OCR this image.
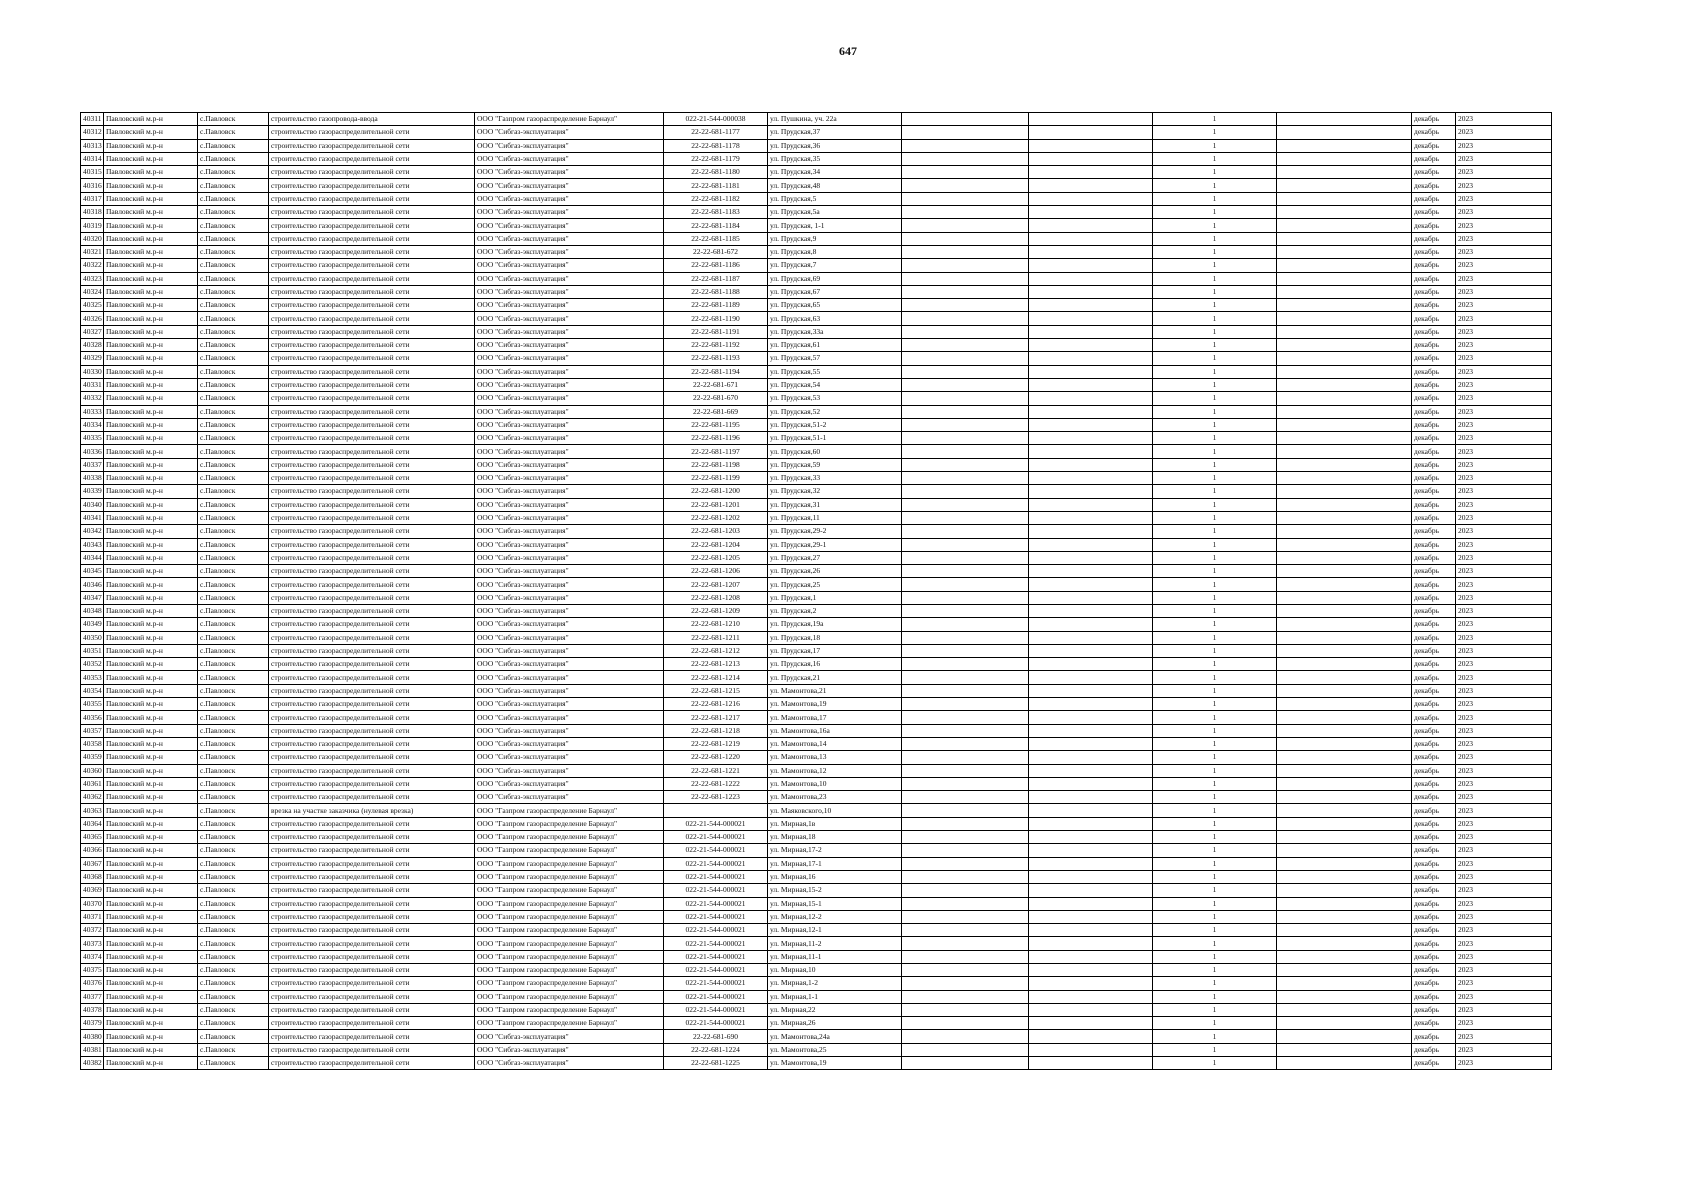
647
40311	Павловский м.р-н	с.Павловск	строительство газопровода-ввода	ООО "Газпром газораспределение Барнаул"	022-21-544-000038	ул. Пушкина, уч. 22а			1		декабрь	2023
40312	Павловский м.р-н	с.Павловск	строительство газораспределительной сети	ООО "Сибгаз-эксплуатация"	22-22-681-1177	ул. Прудская,37			1		декабрь	2023
40313	Павловский м.р-н	с.Павловск	строительство газораспределительной сети	ООО "Сибгаз-эксплуатация"	22-22-681-1178	ул. Прудская,36			1		декабрь	2023
40314	Павловский м.р-н	с.Павловск	строительство газораспределительной сети	ООО "Сибгаз-эксплуатация"	22-22-681-1179	ул. Прудская,35			1		декабрь	2023
40315	Павловский м.р-н	с.Павловск	строительство газораспределительной сети	ООО "Сибгаз-эксплуатация"	22-22-681-1180	ул. Прудская,34			1		декабрь	2023
40316	Павловский м.р-н	с.Павловск	строительство газораспределительной сети	ООО "Сибгаз-эксплуатация"	22-22-681-1181	ул. Прудская,48			1		декабрь	2023
40317	Павловский м.р-н	с.Павловск	строительство газораспределительной сети	ООО "Сибгаз-эксплуатация"	22-22-681-1182	ул. Прудская,5			1		декабрь	2023
40318	Павловский м.р-н	с.Павловск	строительство газораспределительной сети	ООО "Сибгаз-эксплуатация"	22-22-681-1183	ул. Прудская,5а			1		декабрь	2023
40319	Павловский м.р-н	с.Павловск	строительство газораспределительной сети	ООО "Сибгаз-эксплуатация"	22-22-681-1184	ул. Прудская, 1-1			1		декабрь	2023
40320	Павловский м.р-н	с.Павловск	строительство газораспределительной сети	ООО "Сибгаз-эксплуатация"	22-22-681-1185	ул. Прудская,9			1		декабрь	2023
40321	Павловский м.р-н	с.Павловск	строительство газораспределительной сети	ООО "Сибгаз-эксплуатация"	22-22-681-672	ул. Прудская,8			1		декабрь	2023
40322	Павловский м.р-н	с.Павловск	строительство газораспределительной сети	ООО "Сибгаз-эксплуатация"	22-22-681-1186	ул. Прудская,7			1		декабрь	2023
40323	Павловский м.р-н	с.Павловск	строительство газораспределительной сети	ООО "Сибгаз-эксплуатация"	22-22-681-1187	ул. Прудская,69			1		декабрь	2023
40324	Павловский м.р-н	с.Павловск	строительство газораспределительной сети	ООО "Сибгаз-эксплуатация"	22-22-681-1188	ул. Прудская,67			1		декабрь	2023
40325	Павловский м.р-н	с.Павловск	строительство газораспределительной сети	ООО "Сибгаз-эксплуатация"	22-22-681-1189	ул. Прудская,65			1		декабрь	2023
40326	Павловский м.р-н	с.Павловск	строительство газораспределительной сети	ООО "Сибгаз-эксплуатация"	22-22-681-1190	ул. Прудская,63			1		декабрь	2023
40327	Павловский м.р-н	с.Павловск	строительство газораспределительной сети	ООО "Сибгаз-эксплуатация"	22-22-681-1191	ул. Прудская,33а			1		декабрь	2023
40328	Павловский м.р-н	с.Павловск	строительство газораспределительной сети	ООО "Сибгаз-эксплуатация"	22-22-681-1192	ул. Прудская,61			1		декабрь	2023
40329	Павловский м.р-н	с.Павловск	строительство газораспределительной сети	ООО "Сибгаз-эксплуатация"	22-22-681-1193	ул. Прудская,57			1		декабрь	2023
40330	Павловский м.р-н	с.Павловск	строительство газораспределительной сети	ООО "Сибгаз-эксплуатация"	22-22-681-1194	ул. Прудская,55			1		декабрь	2023
40331	Павловский м.р-н	с.Павловск	строительство газораспределительной сети	ООО "Сибгаз-эксплуатация"	22-22-681-671	ул. Прудская,54			1		декабрь	2023
40332	Павловский м.р-н	с.Павловск	строительство газораспределительной сети	ООО "Сибгаз-эксплуатация"	22-22-681-670	ул. Прудская,53			1		декабрь	2023
40333	Павловский м.р-н	с.Павловск	строительство газораспределительной сети	ООО "Сибгаз-эксплуатация"	22-22-681-669	ул. Прудская,52			1		декабрь	2023
40334	Павловский м.р-н	с.Павловск	строительство газораспределительной сети	ООО "Сибгаз-эксплуатация"	22-22-681-1195	ул. Прудская,51-2			1		декабрь	2023
40335	Павловский м.р-н	с.Павловск	строительство газораспределительной сети	ООО "Сибгаз-эксплуатация"	22-22-681-1196	ул. Прудская,51-1			1		декабрь	2023
40336	Павловский м.р-н	с.Павловск	строительство газораспределительной сети	ООО "Сибгаз-эксплуатация"	22-22-681-1197	ул. Прудская,60			1		декабрь	2023
40337	Павловский м.р-н	с.Павловск	строительство газораспределительной сети	ООО "Сибгаз-эксплуатация"	22-22-681-1198	ул. Прудская,59			1		декабрь	2023
40338	Павловский м.р-н	с.Павловск	строительство газораспределительной сети	ООО "Сибгаз-эксплуатация"	22-22-681-1199	ул. Прудская,33			1		декабрь	2023
40339	Павловский м.р-н	с.Павловск	строительство газораспределительной сети	ООО "Сибгаз-эксплуатация"	22-22-681-1200	ул. Прудская,32			1		декабрь	2023
40340	Павловский м.р-н	с.Павловск	строительство газораспределительной сети	ООО "Сибгаз-эксплуатация"	22-22-681-1201	ул. Прудская,31			1		декабрь	2023
40341	Павловский м.р-н	с.Павловск	строительство газораспределительной сети	ООО "Сибгаз-эксплуатация"	22-22-681-1202	ул. Прудская,11			1		декабрь	2023
40342	Павловский м.р-н	с.Павловск	строительство газораспределительной сети	ООО "Сибгаз-эксплуатация"	22-22-681-1203	ул. Прудская,29-2			1		декабрь	2023
40343	Павловский м.р-н	с.Павловск	строительство газораспределительной сети	ООО "Сибгаз-эксплуатация"	22-22-681-1204	ул. Прудская,29-1			1		декабрь	2023
40344	Павловский м.р-н	с.Павловск	строительство газораспределительной сети	ООО "Сибгаз-эксплуатация"	22-22-681-1205	ул. Прудская,27			1		декабрь	2023
40345	Павловский м.р-н	с.Павловск	строительство газораспределительной сети	ООО "Сибгаз-эксплуатация"	22-22-681-1206	ул. Прудская,26			1		декабрь	2023
40346	Павловский м.р-н	с.Павловск	строительство газораспределительной сети	ООО "Сибгаз-эксплуатация"	22-22-681-1207	ул. Прудская,25			1		декабрь	2023
40347	Павловский м.р-н	с.Павловск	строительство газораспределительной сети	ООО "Сибгаз-эксплуатация"	22-22-681-1208	ул. Прудская,1			1		декабрь	2023
40348	Павловский м.р-н	с.Павловск	строительство газораспределительной сети	ООО "Сибгаз-эксплуатация"	22-22-681-1209	ул. Прудская,2			1		декабрь	2023
40349	Павловский м.р-н	с.Павловск	строительство газораспределительной сети	ООО "Сибгаз-эксплуатация"	22-22-681-1210	ул. Прудская,19а			1		декабрь	2023
40350	Павловский м.р-н	с.Павловск	строительство газораспределительной сети	ООО "Сибгаз-эксплуатация"	22-22-681-1211	ул. Прудская,18			1		декабрь	2023
40351	Павловский м.р-н	с.Павловск	строительство газораспределительной сети	ООО "Сибгаз-эксплуатация"	22-22-681-1212	ул. Прудская,17			1		декабрь	2023
40352	Павловский м.р-н	с.Павловск	строительство газораспределительной сети	ООО "Сибгаз-эксплуатация"	22-22-681-1213	ул. Прудская,16			1		декабрь	2023
40353	Павловский м.р-н	с.Павловск	строительство газораспределительной сети	ООО "Сибгаз-эксплуатация"	22-22-681-1214	ул. Прудская,21			1		декабрь	2023
40354	Павловский м.р-н	с.Павловск	строительство газораспределительной сети	ООО "Сибгаз-эксплуатация"	22-22-681-1215	ул. Мамонтова,21			1		декабрь	2023
40355	Павловский м.р-н	с.Павловск	строительство газораспределительной сети	ООО "Сибгаз-эксплуатация"	22-22-681-1216	ул. Мамонтова,19			1		декабрь	2023
40356	Павловский м.р-н	с.Павловск	строительство газораспределительной сети	ООО "Сибгаз-эксплуатация"	22-22-681-1217	ул. Мамонтова,17			1		декабрь	2023
40357	Павловский м.р-н	с.Павловск	строительство газораспределительной сети	ООО "Сибгаз-эксплуатация"	22-22-681-1218	ул. Мамонтова,16а			1		декабрь	2023
40358	Павловский м.р-н	с.Павловск	строительство газораспределительной сети	ООО "Сибгаз-эксплуатация"	22-22-681-1219	ул. Мамонтова,14			1		декабрь	2023
40359	Павловский м.р-н	с.Павловск	строительство газораспределительной сети	ООО "Сибгаз-эксплуатация"	22-22-681-1220	ул. Мамонтова,13			1		декабрь	2023
40360	Павловский м.р-н	с.Павловск	строительство газораспределительной сети	ООО "Сибгаз-эксплуатация"	22-22-681-1221	ул. Мамонтова,12			1		декабрь	2023
40361	Павловский м.р-н	с.Павловск	строительство газораспределительной сети	ООО "Сибгаз-эксплуатация"	22-22-681-1222	ул. Мамонтова,10			1		декабрь	2023
40362	Павловский м.р-н	с.Павловск	строительство газораспределительной сети	ООО "Сибгаз-эксплуатация"	22-22-681-1223	ул. Мамонтова,23			1		декабрь	2023
40363	Павловский м.р-н	с.Павловск	врезка на участке заказчика (нулевая врезка)	ООО "Газпром газораспределение Барнаул"		ул. Маяковского,10			1		декабрь	2023
40364	Павловский м.р-н	с.Павловск	строительство газораспределительной сети	ООО "Газпром газораспределение Барнаул"	022-21-544-000021	ул. Мирная,1в			1		декабрь	2023
40365	Павловский м.р-н	с.Павловск	строительство газораспределительной сети	ООО "Газпром газораспределение Барнаул"	022-21-544-000021	ул. Мирная,18			1		декабрь	2023
40366	Павловский м.р-н	с.Павловск	строительство газораспределительной сети	ООО "Газпром газораспределение Барнаул"	022-21-544-000021	ул. Мирная,17-2			1		декабрь	2023
40367	Павловский м.р-н	с.Павловск	строительство газораспределительной сети	ООО "Газпром газораспределение Барнаул"	022-21-544-000021	ул. Мирная,17-1			1		декабрь	2023
40368	Павловский м.р-н	с.Павловск	строительство газораспределительной сети	ООО "Газпром газораспределение Барнаул"	022-21-544-000021	ул. Мирная,16			1		декабрь	2023
40369	Павловский м.р-н	с.Павловск	строительство газораспределительной сети	ООО "Газпром газораспределение Барнаул"	022-21-544-000021	ул. Мирная,15-2			1		декабрь	2023
40370	Павловский м.р-н	с.Павловск	строительство газораспределительной сети	ООО "Газпром газораспределение Барнаул"	022-21-544-000021	ул. Мирная,15-1			1		декабрь	2023
40371	Павловский м.р-н	с.Павловск	строительство газораспределительной сети	ООО "Газпром газораспределение Барнаул"	022-21-544-000021	ул. Мирная,12-2			1		декабрь	2023
40372	Павловский м.р-н	с.Павловск	строительство газораспределительной сети	ООО "Газпром газораспределение Барнаул"	022-21-544-000021	ул. Мирная,12-1			1		декабрь	2023
40373	Павловский м.р-н	с.Павловск	строительство газораспределительной сети	ООО "Газпром газораспределение Барнаул"	022-21-544-000021	ул. Мирная,11-2			1		декабрь	2023
40374	Павловский м.р-н	с.Павловск	строительство газораспределительной сети	ООО "Газпром газораспределение Барнаул"	022-21-544-000021	ул. Мирная,11-1			1		декабрь	2023
40375	Павловский м.р-н	с.Павловск	строительство газораспределительной сети	ООО "Газпром газораспределение Барнаул"	022-21-544-000021	ул. Мирная,10			1		декабрь	2023
40376	Павловский м.р-н	с.Павловск	строительство газораспределительной сети	ООО "Газпром газораспределение Барнаул"	022-21-544-000021	ул. Мирная,1-2			1		декабрь	2023
40377	Павловский м.р-н	с.Павловск	строительство газораспределительной сети	ООО "Газпром газораспределение Барнаул"	022-21-544-000021	ул. Мирная,1-1			1		декабрь	2023
40378	Павловский м.р-н	с.Павловск	строительство газораспределительной сети	ООО "Газпром газораспределение Барнаул"	022-21-544-000021	ул. Мирная,22			1		декабрь	2023
40379	Павловский м.р-н	с.Павловск	строительство газораспределительной сети	ООО "Газпром газораспределение Барнаул"	022-21-544-000021	ул. Мирная,26			1		декабрь	2023
40380	Павловский м.р-н	с.Павловск	строительство газораспределительной сети	ООО "Сибгаз-эксплуатация"	22-22-681-690	ул. Мамонтова,24а			1		декабрь	2023
40381	Павловский м.р-н	с.Павловск	строительство газораспределительной сети	ООО "Сибгаз-эксплуатация"	22-22-681-1224	ул. Мамонтова,25			1		декабрь	2023
40382	Павловский м.р-н	с.Павловск	строительство газораспределительной сети	ООО "Сибгаз-эксплуатация"	22-22-681-1225	ул. Мамонтова,19			1		декабрь	2023
